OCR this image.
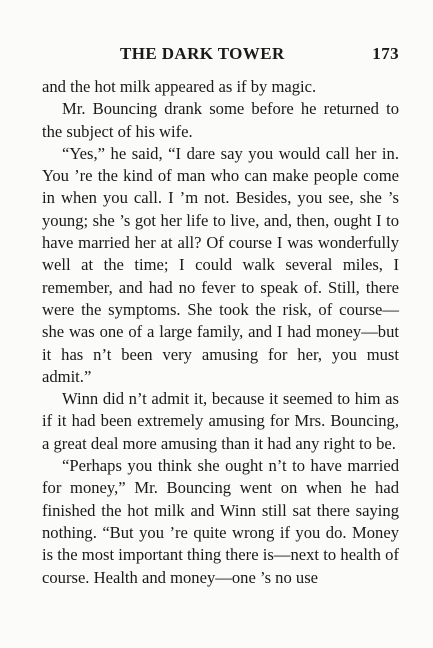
THE DARK TOWER	173

and the hot milk appeared as if by magic.

Mr. Bouncing drank some before he returned to the subject of his wife.

“Yes,” he said, “I dare say you would call her in. You ’re the kind of man who can make people come in when you call. I ’m not. Besides, you see, she ’s young; she ’s got her life to live, and, then, ought I to have married her at all? Of course I was wonderfully well at the time; I could walk several miles, I remember, and had no fever to speak of. Still, there were the symptoms. She took the risk, of course—she was one of a large family, and I had money—but it has n’t been very amusing for her, you must admit.”

Winn did n’t admit it, because it seemed to him as if it had been extremely amusing for Mrs. Bouncing, a great deal more amusing than it had any right to be.

“Perhaps you think she ought n’t to have married for money,” Mr. Bouncing went on when he had finished the hot milk and Winn still sat there saying nothing. “But you ’re quite wrong if you do. Money is the most important thing there is—next to health of course. Health and money—one ’s no use
